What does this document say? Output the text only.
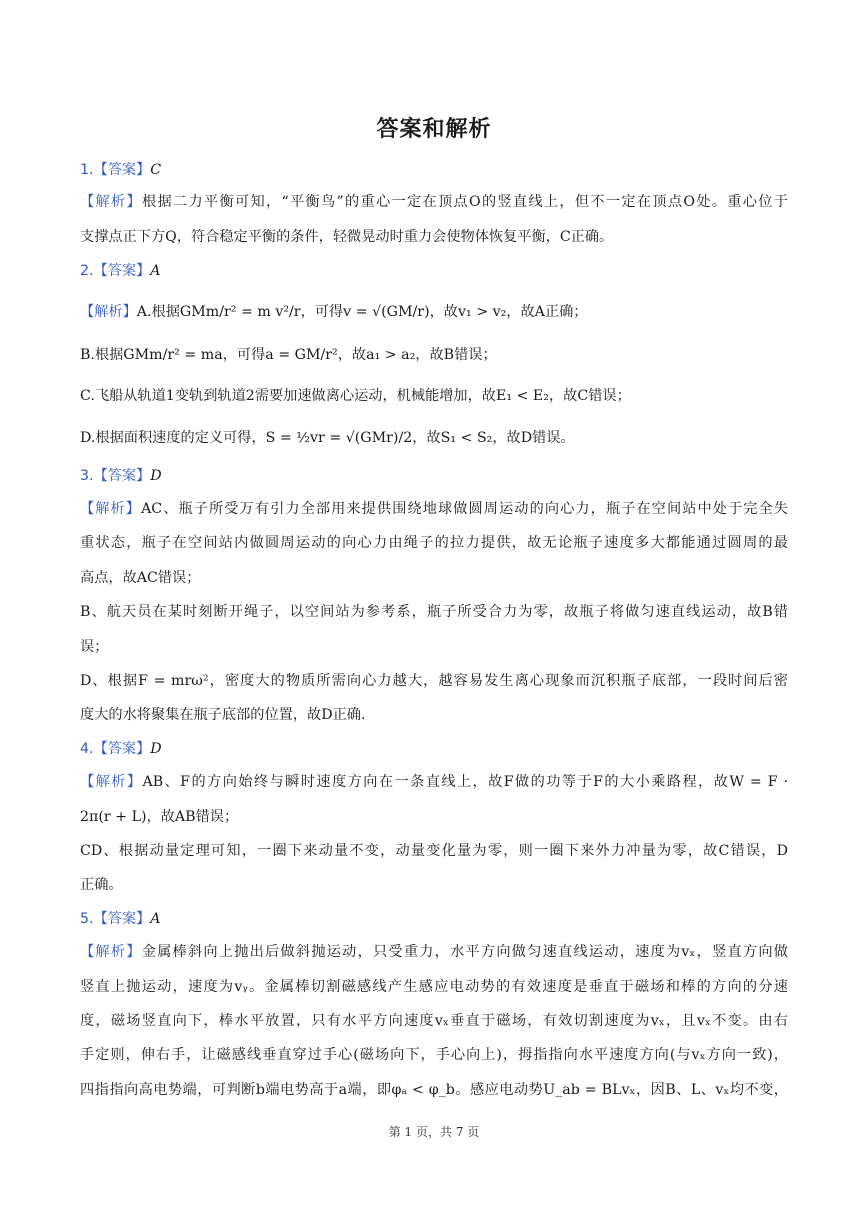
答案和解析
1.【答案】C
【解析】根据二力平衡可知，“平衡鸟”的重心一定在顶点O的竖直线上，但不一定在顶点O处。重心位于
支撑点正下方Q，符合稳定平衡的条件，轻微晃动时重力会使物体恢复平衡，C正确。
2.【答案】A
【解析】A.根据GMm/r² = m v²/r，可得v = √(GM/r)，故v₁ > v₂，故A正确；
B.根据GMm/r² = ma，可得a = GM/r²，故a₁ > a₂，故B错误；
C.飞船从轨道1变轨到轨道2需要加速做离心运动，机械能增加，故E₁ < E₂，故C错误；
D.根据面积速度的定义可得，S = ½vr = √(GMr)/2，故S₁ < S₂，故D错误。
3.【答案】D
【解析】AC、瓶子所受万有引力全部用来提供围绕地球做圆周运动的向心力，瓶子在空间站中处于完全失
重状态，瓶子在空间站内做圆周运动的向心力由绳子的拉力提供，故无论瓶子速度多大都能通过圆周的最
高点，故AC错误；
B、航天员在某时刻断开绳子，以空间站为参考系，瓶子所受合力为零，故瓶子将做匀速直线运动，故B错
误；
D、根据F = mrω²，密度大的物质所需向心力越大，越容易发生离心现象而沉积瓶子底部，一段时间后密
度大的水将聚集在瓶子底部的位置，故D正确.
4.【答案】D
【解析】AB、F的方向始终与瞬时速度方向在一条直线上，故F做的功等于F的大小乘路程，故W = F ·
2π(r + L)，故AB错误；
CD、根据动量定理可知，一圈下来动量不变，动量变化量为零，则一圈下来外力冲量为零，故C错误，D
正确。
5.【答案】A
【解析】金属棒斜向上抛出后做斜抛运动，只受重力，水平方向做匀速直线运动，速度为vₓ，竖直方向做
竖直上抛运动，速度为vᵧ。金属棒切割磁感线产生感应电动势的有效速度是垂直于磁场和棒的方向的分速
度，磁场竖直向下，棒水平放置，只有水平方向速度vₓ垂直于磁场，有效切割速度为vₓ，且vₓ不变。由右
手定则，伸右手，让磁感线垂直穿过手心(磁场向下，手心向上)，拇指指向水平速度方向(与vₓ方向一致)，
四指指向高电势端，可判断b端电势高于a端，即φₐ < φ_b。感应电动势U_ab = BLvₓ，因B、L、vₓ均不变，
第 1 页，共 7 页
